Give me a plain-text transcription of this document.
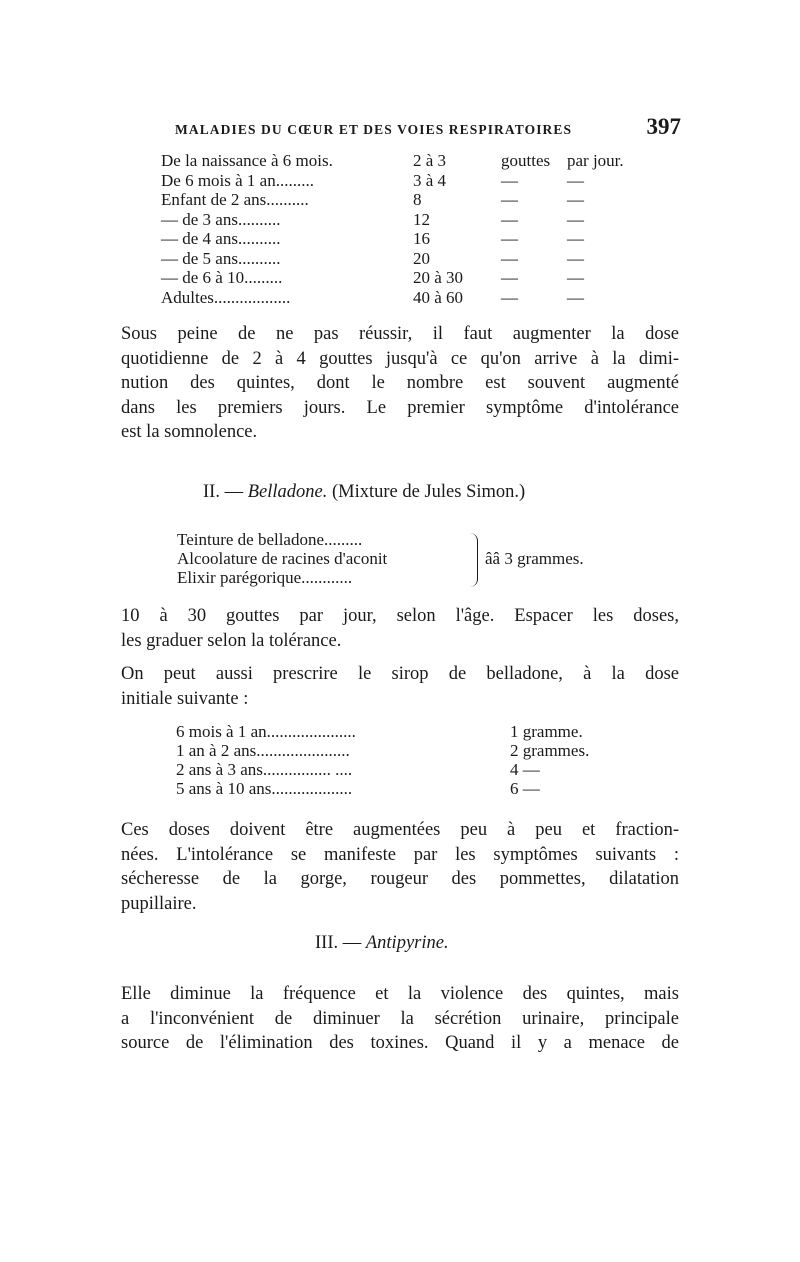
MALADIES DU CŒUR ET DES VOIES RESPIRATOIRES	397
De la naissance à 6 mois.	2 à 3	gouttes par jour.
De 6 mois à 1 an.........	3 à 4	—	—
Enfant de 2 ans..........	8	—	—
— de 3 ans..........	12	—	—
— de 4 ans..........	16	—	—
— de 5 ans..........	20	—	—
— de 6 à 10.........	20 à 30	—	—
Adultes..................	40 à 60	—	—
Sous peine de ne pas réussir, il faut augmenter la dose
quotidienne de 2 à 4 gouttes jusqu'à ce qu'on arrive à la dimi-
nution des quintes, dont le nombre est souvent augmenté
dans les premiers jours. Le premier symptôme d'intolérance
est la somnolence.
II. — Belladone. (Mixture de Jules Simon.)
Teinture de belladone.........
Alcoolature de racines d'aconit
Elixir parégorique............
ââ 3 grammes.
10 à 30 gouttes par jour, selon l'âge. Espacer les doses,
les graduer selon la tolérance.
On peut aussi prescrire le sirop de belladone, à la dose
initiale suivante :
6 mois à 1 an.....................	1 gramme.
1 an à 2 ans......................	2 grammes.
2 ans à 3 ans................ ....	4 —
5 ans à 10 ans...................	6 —
Ces doses doivent être augmentées peu à peu et fraction-
nées. L'intolérance se manifeste par les symptômes suivants :
sécheresse de la gorge, rougeur des pommettes, dilatation
pupillaire.
III. — Antipyrine.
Elle diminue la fréquence et la violence des quintes, mais
a l'inconvénient de diminuer la sécrétion urinaire, principale
source de l'élimination des toxines. Quand il y a menace de
